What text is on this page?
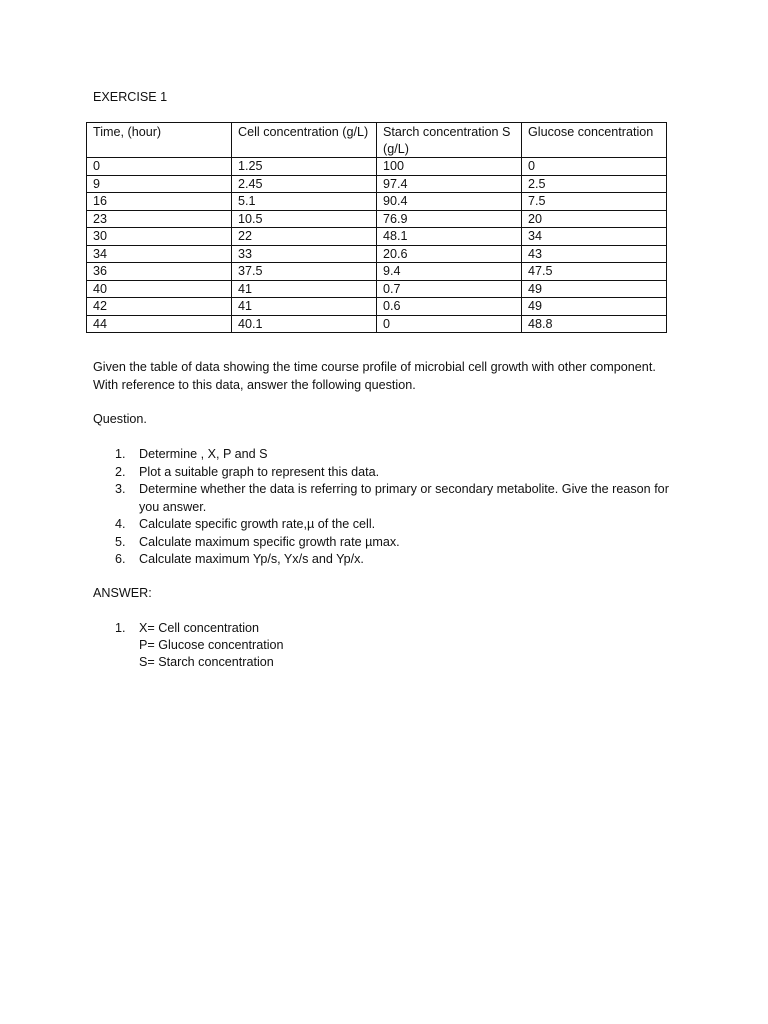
EXERCISE 1
Time, (hour)	Cell concentration (g/L)	Starch concentration S (g/L)	Glucose concentration
0	1.25	100	0
9	2.45	97.4	2.5
16	5.1	90.4	7.5
23	10.5	76.9	20
30	22	48.1	34
34	33	20.6	43
36	37.5	9.4	47.5
40	41	0.7	49
42	41	0.6	49
44	40.1	0	48.8

Given the table of data showing the time course profile of microbial cell growth with other component. With reference to this data, answer the following question.

Question.
1. Determine , X, P and S
2. Plot a suitable graph to represent this data.
3. Determine whether the data is referring to primary or secondary metabolite. Give the reason for you answer.
4. Calculate specific growth rate,µ of the cell.
5. Calculate maximum specific growth rate µmax.
6. Calculate maximum Yp/s, Yx/s and Yp/x.
ANSWER:
1. X= Cell concentration
P= Glucose concentration
S= Starch concentration
